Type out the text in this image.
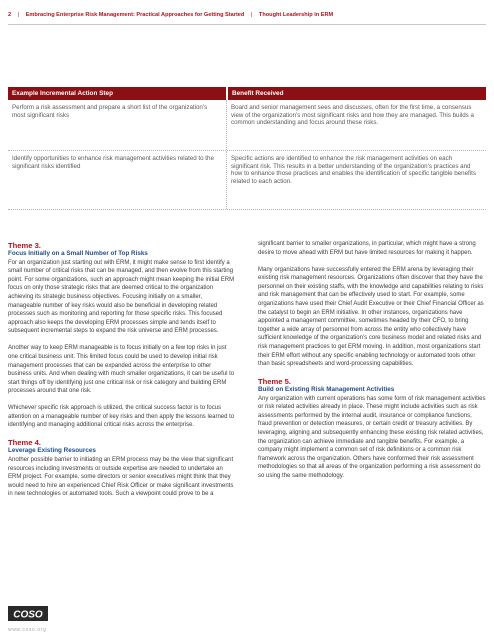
2 | Embracing Enterprise Risk Management: Practical Approaches for Getting Started | Thought Leadership in ERM
Example Incremental Action Step	Benefit Received
Perform a risk assessment and prepare a short list of the organization’s most significant risks
Board and senior management sees and discusses, often for the first time, a consensus view of the organization’s most significant risks and how they are managed. This builds a common understanding and focus around these risks.
Identify opportunities to enhance risk management activities related to the significant risks identified
Specific actions are identified to enhance the risk management activities on each significant risk. This results in a better understanding of the organization’s practices and how to enhance those practices and enables the identification of specific tangible benefits related to each action.
Theme 3.
Focus Initially on a Small Number of Top Risks

For an organization just starting out with ERM, it might make sense to first identify a small number of critical risks that can be managed, and then evolve from this starting point. For some organizations, such an approach might mean keeping the initial ERM focus on only those strategic risks that are deemed critical to the organization achieving its strategic business objectives. Focusing initially on a smaller, manageable number of key risks would also be beneficial in developing related processes such as monitoring and reporting for those specific risks. This focused approach also keeps the developing ERM processes simple and tends itself to subsequent incremental steps to expand the risk universe and ERM processes.

Another way to keep ERM manageable is to focus initially on a few top risks in just one critical business unit. This limited focus could be used to develop initial risk management processes that can be expanded across the enterprise to other business units. And when dealing with much smaller organizations, it can be useful to start things off by identifying just one critical risk or risk category and building ERM processes around that one risk.

Whichever specific risk approach is utilized, the critical success factor is to focus attention on a manageable number of key risks and then apply the lessons learned to identifying and managing additional critical risks across the enterprise.

Theme 4.
Leverage Existing Resources

Another possible barrier to initiating an ERM process may be the view that significant resources including investments or outside expertise are needed to undertake an ERM project. For example, some directors or senior executives might think that they would need to hire an experienced Chief Risk Officer or make significant investments in new technologies or automated tools. Such a viewpoint could prove to be a

significant barrier to smaller organizations, in particular, which might have a strong desire to move ahead with ERM but have limited resources for making it happen.

Many organizations have successfully entered the ERM arena by leveraging their existing risk management resources. Organizations often discover that they have the personnel on their existing staffs, with the knowledge and capabilities relating to risks and risk management that can be effectively used to start. For example, some organizations have used their Chief Audit Executive or their Chief Financial Officer as the catalyst to begin an ERM initiative. In other instances, organizations have appointed a management committee, sometimes headed by their CFO, to bring together a wide array of personnel from across the entity who collectively have sufficient knowledge of the organization’s core business model and related risks and risk management practices to get ERM moving. In addition, most organizations start their ERM effort without any specific enabling technology or automated tools other than basic spreadsheets and word-processing capabilities.

Theme 5.
Build on Existing Risk Management Activities

Any organization with current operations has some form of risk management activities or risk related activities already in place. These might include activities such as risk assessments performed by the internal audit, insurance or compliance functions, fraud prevention or detection measures, or certain credit or treasury activities. By leveraging, aligning and subsequently enhancing these existing risk related activities, the organization can achieve immediate and tangible benefits. For example, a company might implement a common set of risk definitions or a common risk framework across the organization. Others have conformed their risk assessment methodologies so that all areas of the organization performing a risk assessment do so using the same methodology.

COSO
www.coso.org
